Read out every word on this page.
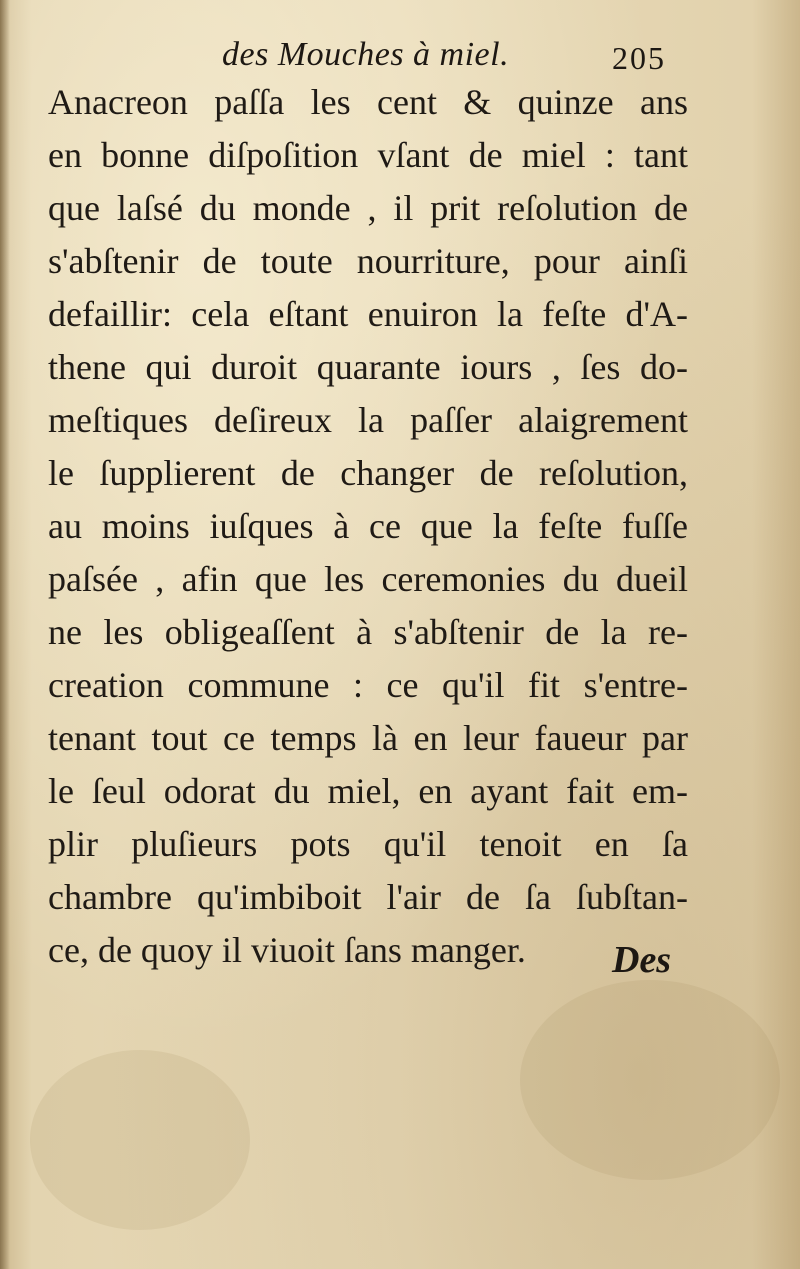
des Mouches à miel.	205
Anacreon paſſa les cent & quinze ans
en bonne diſpoſition vſant de miel : tant
que laſsé du monde , il prit reſolution de
s'abſtenir de toute nourriture, pour ainſi
defaillir: cela eſtant enuiron la feſte d'A-
thene qui duroit quarante iours , ſes do-
meſtiques deſireux la paſſer alaigrement
le ſupplierent de changer de reſolution,
au moins iuſques à ce que la feſte fuſſe
paſsée , afin que les ceremonies du dueil
ne les obligeaſſent à s'abſtenir de la re-
creation commune : ce qu'il fit s'entre-
tenant tout ce temps là en leur faueur par
le ſeul odorat du miel, en ayant fait em-
plir pluſieurs pots qu'il tenoit en ſa
chambre qu'imbiboit l'air de ſa ſubſtan-
ce, de quoy il viuoit ſans manger.	Des
